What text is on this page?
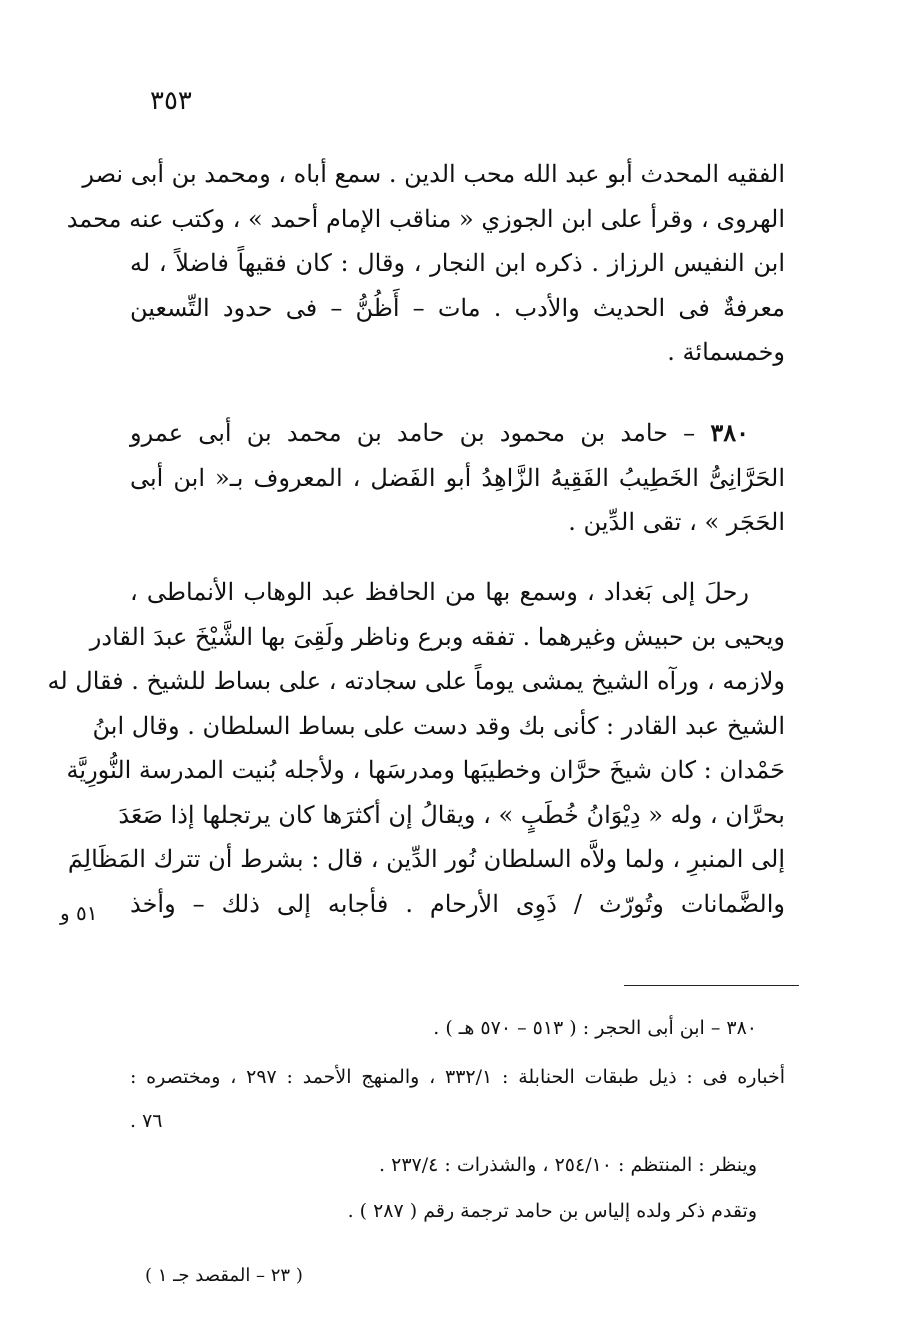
٣٥٣
الفقيه المحدث أبو عبد الله محب الدين . سمع أباه ، ومحمد بن أبى نصر
الهروى ، وقرأ على ابن الجوزي « مناقب الإمام أحمد » ، وكتب عنه محمد
ابن النفيس الرزاز . ذكره ابن النجار ، وقال : كان فقيهاً فاضلاً ، له
معرفةٌ فى الحديث والأدب . مات – أَظُنُّ – فى حدود التِّسعين
وخمسمائة .
٣٨٠ – حامد بن محمود بن حامد بن محمد بن أبى عمرو
الحَرَّانِىُّ الخَطِيبُ الفَقِيهُ الزَّاهِدُ أبو الفَضل ، المعروف بـ« ابن أبى
الحَجَر » ، تقى الدِّين .
رحلَ إلى بَغداد ، وسمع بها من الحافظ عبد الوهاب الأنماطى ،
ويحيى بن حبيش وغيرهما . تفقه وبرع وناظر ولَقِىَ بها الشَّيْخَ عبدَ القادر
ولازمه ، ورآه الشيخ يمشى يوماً على سجادته ، على بساط للشيخ . فقال له
الشيخ عبد القادر : كأنى بك وقد دست على بساط السلطان . وقال ابنُ
حَمْدان : كان شيخَ حرَّان وخطيبَها ومدرسَها ، ولأجله بُنيت المدرسة النُّورِيَّة
بحرَّان ، وله « دِيْوَانُ خُطَبٍ » ، ويقالُ إن أكثرَها كان يرتجلها إذا صَعَدَ
إلى المنبرِ ، ولما ولاَّه السلطان نُور الدِّين ، قال : بشرط أن تترك المَظَالِمَ
والضَّمانات وتُورّث / ذَوِى الأرحام . فأجابه إلى ذلك – وأخذ
٥١ و
٣٨٠ – ابن أبى الحجر : ( ٥١٣ – ٥٧٠ هـ ) .
أخباره فى : ذيل طبقات الحنابلة : ٣٣٢/١ ، والمنهج الأحمد : ٢٩٧ ، ومختصره :
٧٦ .
وينظر : المنتظم : ٢٥٤/١٠ ، والشذرات : ٢٣٧/٤ .
وتقدم ذكر ولده إلياس بن حامد ترجمة رقم ( ٢٨٧ ) .
( ٢٣ – المقصد جـ ١ )
